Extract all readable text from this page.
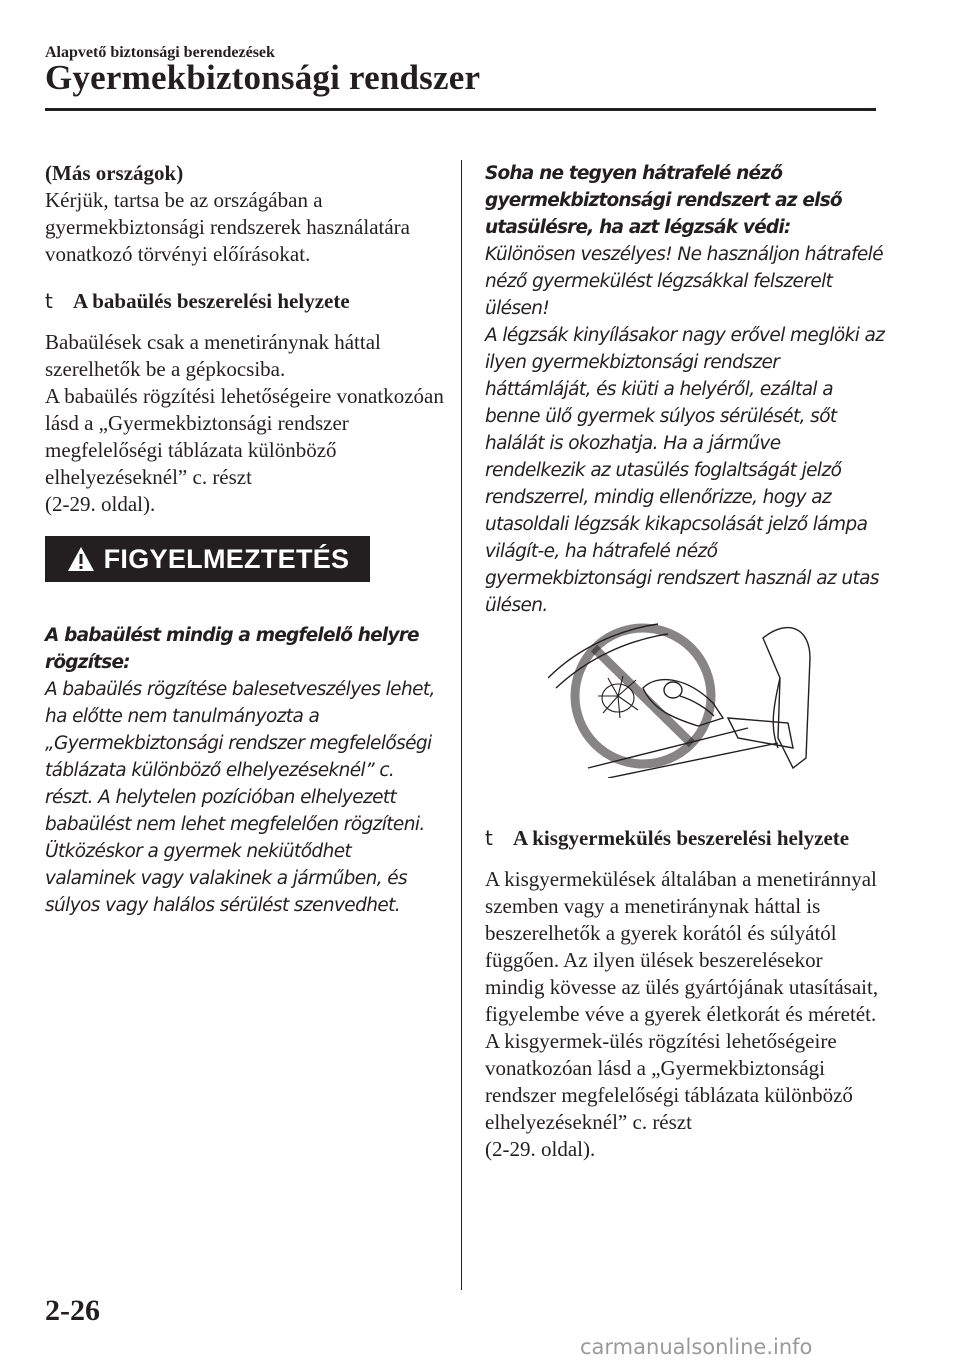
Alapvető biztonsági berendezések
Gyermekbiztonsági rendszer

(Más országok)

Kérjük, tartsa be az országában a gyermekbiztonsági rendszerek használatára vonatkozó törvényi előírásokat.

t A babaülés beszerelési helyzete

Babaülések csak a menetiránynak háttal szerelhetők be a gépkocsiba.
A babaülés rögzítési lehetőségeire vonatkozóan lásd a „Gyermekbiztonsági rendszer megfelelőségi táblázata különböző elhelyezéseknél” c. részt
(2-29. oldal).

FIGYELMEZTETÉS

A babaülést mindig a megfelelő helyre rögzítse:

A babaülés rögzítése balesetveszélyes lehet, ha előtte nem tanulmányozta a „Gyermekbiztonsági rendszer megfelelőségi táblázata különböző elhelyezéseknél” c. részt. A helytelen pozícióban elhelyezett babaülést nem lehet megfelelően rögzíteni. Ütközéskor a gyermek nekiütődhet valaminek vagy valakinek a járműben, és súlyos vagy halálos sérülést szenvedhet.

Soha ne tegyen hátrafelé néző gyermekbiztonsági rendszert az első utasülésre, ha azt légzsák védi:

Különösen veszélyes! Ne használjon hátrafelé néző gyermekülést légzsákkal felszerelt ülésen!
A légzsák kinyílásakor nagy erővel meglöki az ilyen gyermekbiztonsági rendszer háttámláját, és kiüti a helyéről, ezáltal a benne ülő gyermek súlyos sérülését, sőt halálát is okozhatja. Ha a járműve rendelkezik az utasülés foglaltságát jelző rendszerrel, mindig ellenőrizze, hogy az utasoldali légzsák kikapcsolását jelző lámpa világít-e, ha hátrafelé néző gyermekbiztonsági rendszert használ az utas ülésen.

t A kisgyermekülés beszerelési helyzete

A kisgyermekülések általában a menetiránnyal szemben vagy a menetiránynak háttal is beszerelhetők a gyerek korától és súlyától függően. Az ilyen ülések beszerelésekor mindig kövesse az ülés gyártójának utasításait, figyelembe véve a gyerek életkorát és méretét.
A kisgyermek-ülés rögzítési lehetőségeire vonatkozóan lásd a „Gyermekbiztonsági rendszer megfelelőségi táblázata különböző elhelyezéseknél” c. részt
(2-29. oldal).

2-26
carmanualsonline.info
